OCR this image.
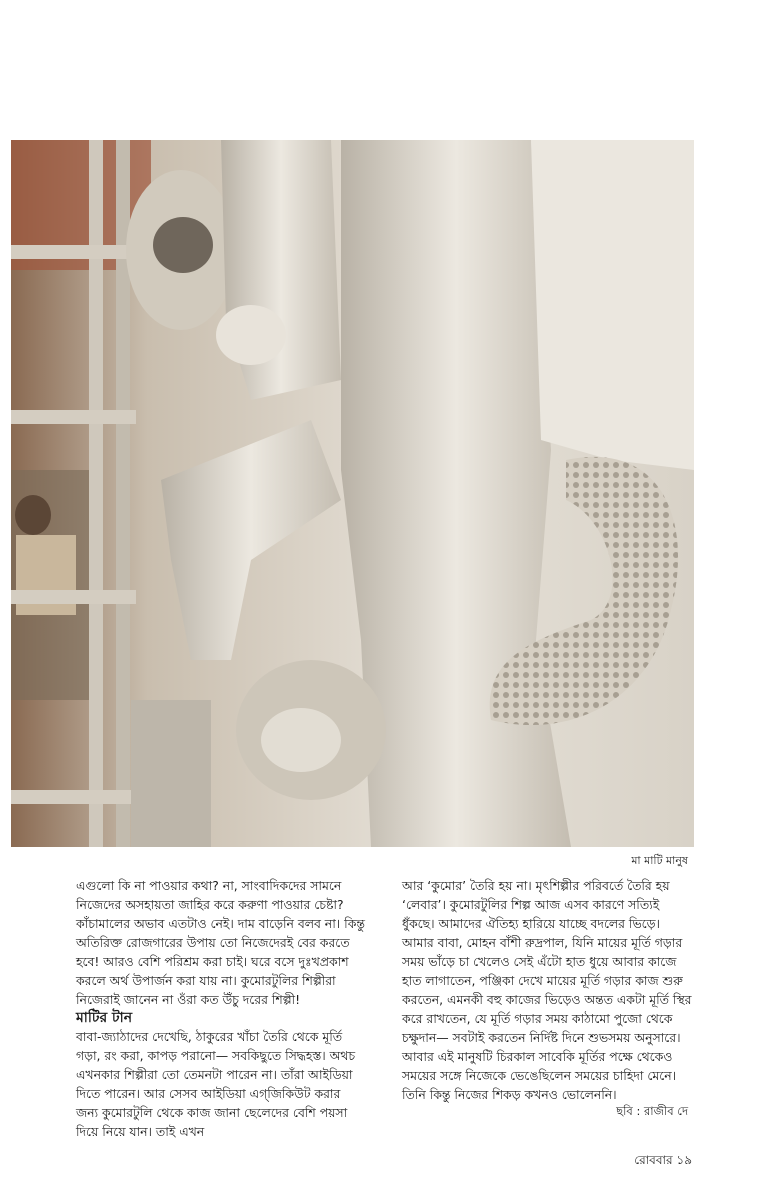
মা মাটি মানুষ

এগুলো কি না পাওয়ার কথা? না, সাংবাদিকদের সামনে নিজেদের অসহায়তা জাহির করে করুণা পাওয়ার চেষ্টা? কাঁচামালের অভাব এতটাও নেই। দাম বাড়েনি বলব না। কিন্তু অতিরিক্ত রোজগারের উপায় তো নিজেদেরই বের করতে হবে! আরও বেশি পরিশ্রম করা চাই। ঘরে বসে দুঃখপ্রকাশ করলে অর্থ উপার্জন করা যায় না। কুমোরটুলির শিল্পীরা নিজেরাই জানেন না ওঁরা কত উঁচু দরের শিল্পী!

মাটির টান

বাবা-জ্যাঠাদের দেখেছি, ঠাকুরের খাঁচা তৈরি থেকে মূর্তি গড়া, রং করা, কাপড় পরানো— সবকিছুতে সিদ্ধহস্ত। অথচ এখনকার শিল্পীরা তো তেমনটা পারেন না। তাঁরা আইডিয়া দিতে পারেন। আর সেসব আইডিয়া এগ্‌জিকিউট করার জন্য কুমোরটুলি থেকে কাজ জানা ছেলেদের বেশি পয়সা দিয়ে নিয়ে যান। তাই এখন

আর ‘কুমোর’ তৈরি হয় না। মৃৎশিল্পীর পরিবর্তে তৈরি হয় ‘লেবার’। কুমোরটুলির শিল্প আজ এসব কারণে সত্যিই ধুঁকছে। আমাদের ঐতিহ্য হারিয়ে যাচ্ছে বদলের ভিড়ে। আমার বাবা, মোহন বাঁশী রুদ্রপাল, যিনি মায়ের মূর্তি গড়ার সময় ভাঁড়ে চা খেলেও সেই এঁটো হাত ধুয়ে আবার কাজে হাত লাগাতেন, পঞ্জিকা দেখে মায়ের মূর্তি গড়ার কাজ শুরু করতেন, এমনকী বহু কাজের ভিড়েও অন্তত একটা মূর্তি স্থির করে রাখতেন, যে মূর্তি গড়ার সময় কাঠামো পুজো থেকে চক্ষুদান— সবটাই করতেন নির্দিষ্ট দিনে শুভসময় অনুসারে। আবার এই মানুষটি চিরকাল সাবেকি মূর্তির পক্ষে থেকেও সময়ের সঙ্গে নিজেকে ভেঙেছিলেন সময়ের চাহিদা মেনে। তিনি কিন্তু নিজের শিকড় কখনও ভোলেননি।

ছবি : রাজীব দে
রোববার ১৯
